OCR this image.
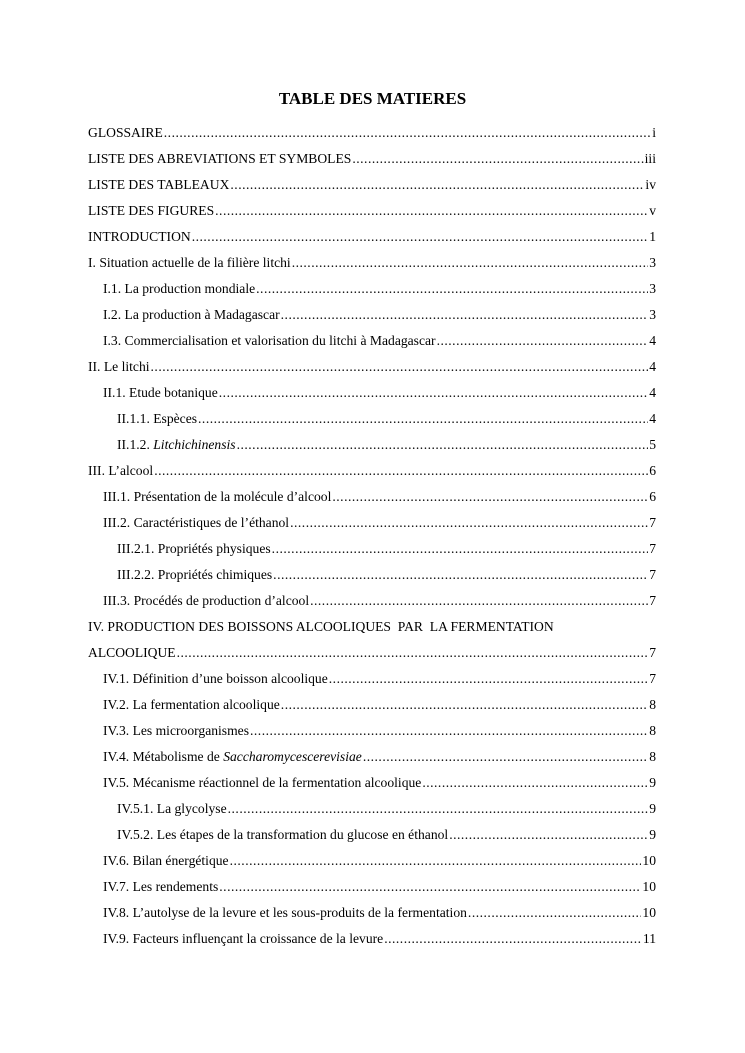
TABLE DES MATIERES
GLOSSAIRE .....	i
LISTE DES ABREVIATIONS ET SYMBOLES .....	iii
LISTE DES TABLEAUX .....	iv
LISTE DES FIGURES .....	v
INTRODUCTION .....	1
I. Situation actuelle de la filière litchi .....	3
I.1. La production mondiale .....	3
I.2. La production à Madagascar .....	3
I.3. Commercialisation et valorisation du litchi à Madagascar .....	4
II. Le litchi .....	4
II.1. Etude botanique .....	4
II.1.1. Espèces .....	4
II.1.2. Litchichinensis .....	5
III. L’alcool .....	6
III.1. Présentation de la molécule d’alcool .....	6
III.2. Caractéristiques de l’éthanol .....	7
III.2.1. Propriétés physiques .....	7
III.2.2. Propriétés chimiques .....	7
III.3. Procédés de production d’alcool .....	7
IV. PRODUCTION DES BOISSONS ALCOOLIQUES  PAR  LA FERMENTATION
ALCOOLIQUE .....	7
IV.1. Définition d’une boisson alcoolique .....	7
IV.2. La fermentation alcoolique .....	8
IV.3. Les microorganismes .....	8
IV.4. Métabolisme de Saccharomycescerevisiae .....	8
IV.5. Mécanisme réactionnel de la fermentation alcoolique .....	9
IV.5.1. La glycolyse .....	9
IV.5.2. Les étapes de la transformation du glucose en éthanol .....	9
IV.6. Bilan énergétique .....	10
IV.7. Les rendements .....	10
IV.8. L’autolyse de la levure et les sous-produits de la fermentation .....	10
IV.9. Facteurs influençant la croissance de la levure .....	11
